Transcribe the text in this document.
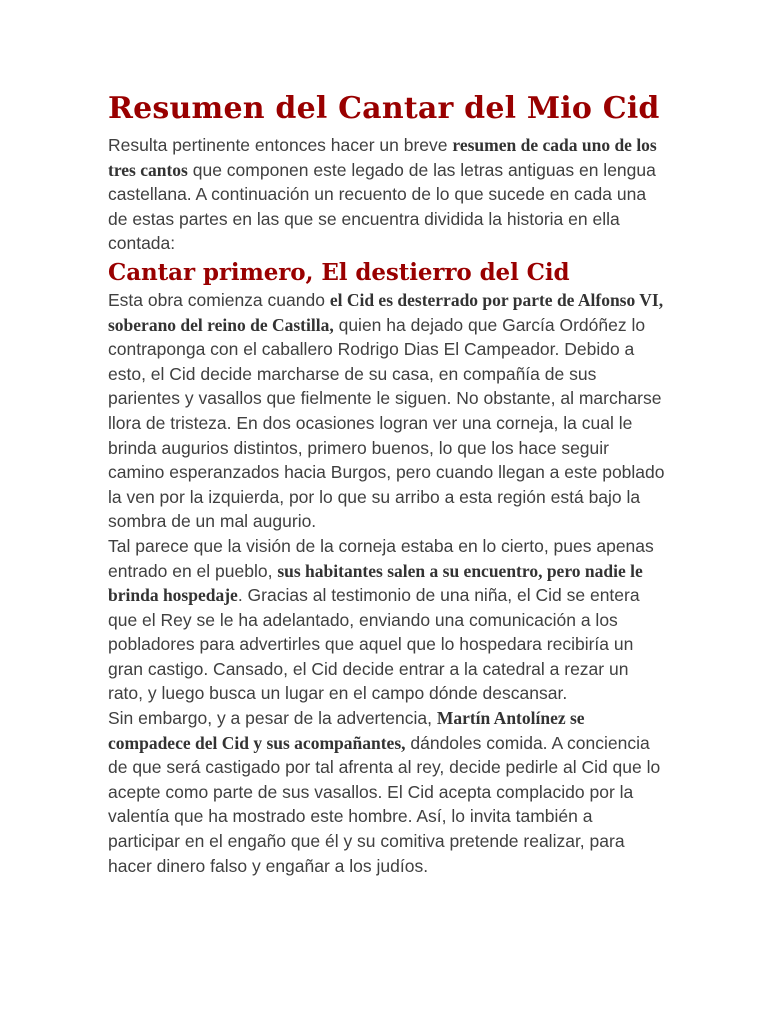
Resumen del Cantar del Mio Cid

Resulta pertinente entonces hacer un breve resumen de cada uno de los tres cantos que componen este legado de las letras antiguas en lengua castellana. A continuación un recuento de lo que sucede en cada una de estas partes en las que se encuentra dividida la historia en ella contada:

Cantar primero, El destierro del Cid

Esta obra comienza cuando el Cid es desterrado por parte de Alfonso VI, soberano del reino de Castilla, quien ha dejado que García Ordóñez lo contraponga con el caballero Rodrigo Dias El Campeador. Debido a esto, el Cid decide marcharse de su casa, en compañía de sus parientes y vasallos que fielmente le siguen. No obstante, al marcharse llora de tristeza. En dos ocasiones logran ver una corneja, la cual le brinda augurios distintos, primero buenos, lo que los hace seguir camino esperanzados hacia Burgos, pero cuando llegan a este poblado la ven por la izquierda, por lo que su arribo a esta región está bajo la sombra de un mal augurio.

Tal parece que la visión de la corneja estaba en lo cierto, pues apenas entrado en el pueblo, sus habitantes salen a su encuentro, pero nadie le brinda hospedaje. Gracias al testimonio de una niña, el Cid se entera que el Rey se le ha adelantado, enviando una comunicación a los pobladores para advertirles que aquel que lo hospedara recibiría un gran castigo. Cansado, el Cid decide entrar a la catedral a rezar un rato, y luego busca un lugar en el campo dónde descansar.

Sin embargo, y a pesar de la advertencia, Martín Antolínez se compadece del Cid y sus acompañantes, dándoles comida. A conciencia de que será castigado por tal afrenta al rey, decide pedirle al Cid que lo acepte como parte de sus vasallos. El Cid acepta complacido por la valentía que ha mostrado este hombre. Así, lo invita también a participar en el engaño que él y su comitiva pretende realizar, para hacer dinero falso y engañar a los judíos.
